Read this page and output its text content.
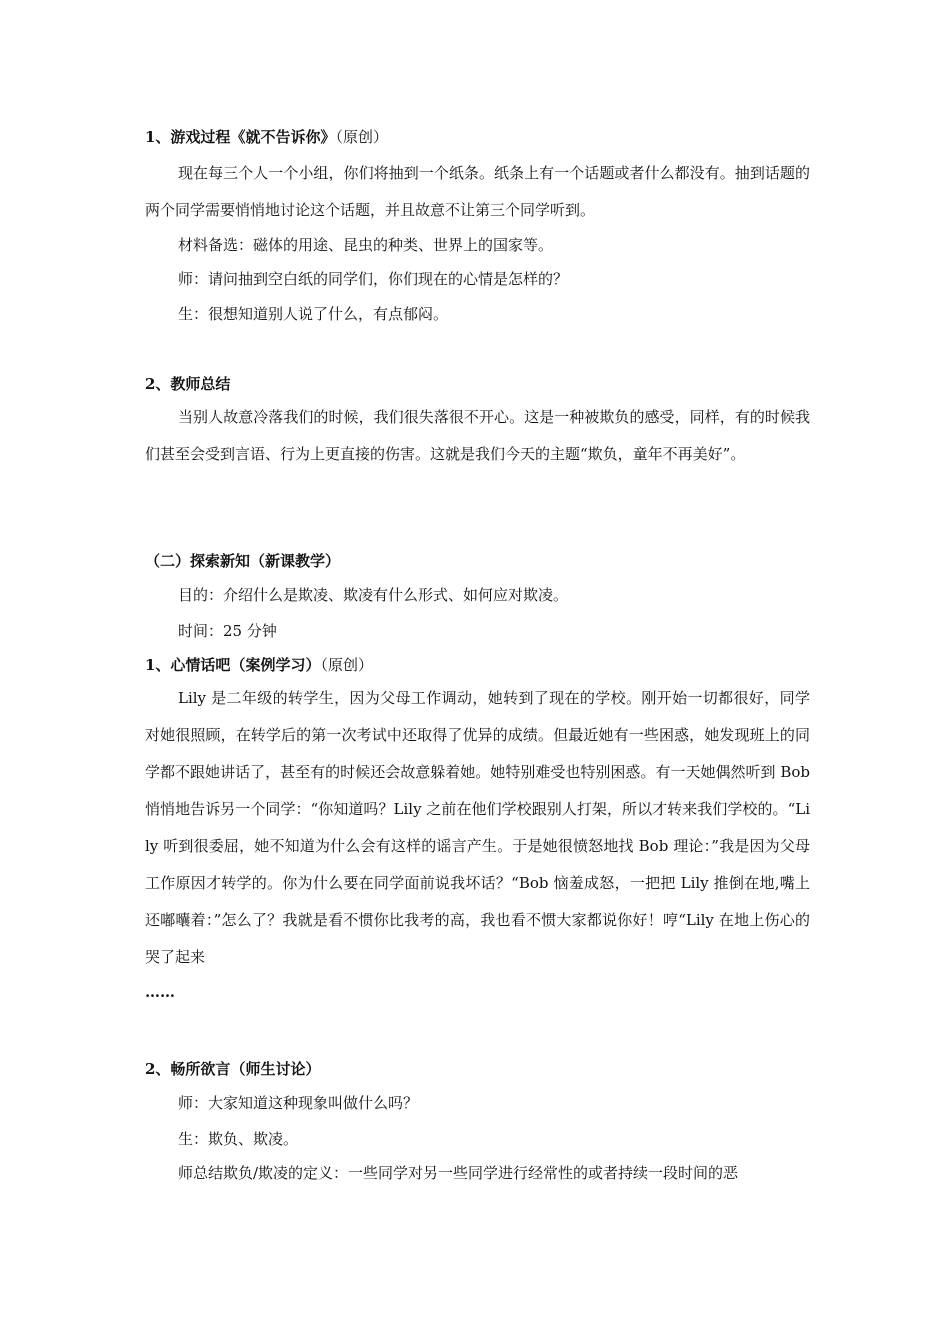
1、游戏过程《就不告诉你》（原创）

现在每三个人一个小组，你们将抽到一个纸条。纸条上有一个话题或者什么都没有。抽到话题的两个同学需要悄悄地讨论这个话题，并且故意不让第三个同学听到。

材料备选：磁体的用途、昆虫的种类、世界上的国家等。

师：请问抽到空白纸的同学们，你们现在的心情是怎样的？

生：很想知道别人说了什么，有点郁闷。

2、教师总结

当别人故意冷落我们的时候，我们很失落很不开心。这是一种被欺负的感受，同样，有的时候我们甚至会受到言语、行为上更直接的伤害。这就是我们今天的主题“欺负，童年不再美好”。

（二）探索新知（新课教学）

目的：介绍什么是欺凌、欺凌有什么形式、如何应对欺凌。

时间：25 分钟

1、心情话吧（案例学习）（原创）

Lily 是二年级的转学生，因为父母工作调动，她转到了现在的学校。刚开始一切都很好，同学对她很照顾，在转学后的第一次考试中还取得了优异的成绩。但最近她有一些困惑，她发现班上的同学都不跟她讲话了，甚至有的时候还会故意躲着她。她特别难受也特别困惑。有一天她偶然听到 Bob 悄悄地告诉另一个同学：“你知道吗？Lily 之前在他们学校跟别人打架，所以才转来我们学校的。“Lily 听到很委屈，她不知道为什么会有这样的谣言产生。于是她很愤怒地找 Bob 理论：”我是因为父母工作原因才转学的。你为什么要在同学面前说我坏话？“Bob 恼羞成怒，一把把 Lily 推倒在地,嘴上还嘟囔着：”怎么了？我就是看不惯你比我考的高，我也看不惯大家都说你好！哼“Lily 在地上伤心的哭了起来

……

2、畅所欲言（师生讨论）

师：大家知道这种现象叫做什么吗？

生：欺负、欺凌。

师总结欺负/欺凌的定义：一些同学对另一些同学进行经常性的或者持续一段时间的恶
